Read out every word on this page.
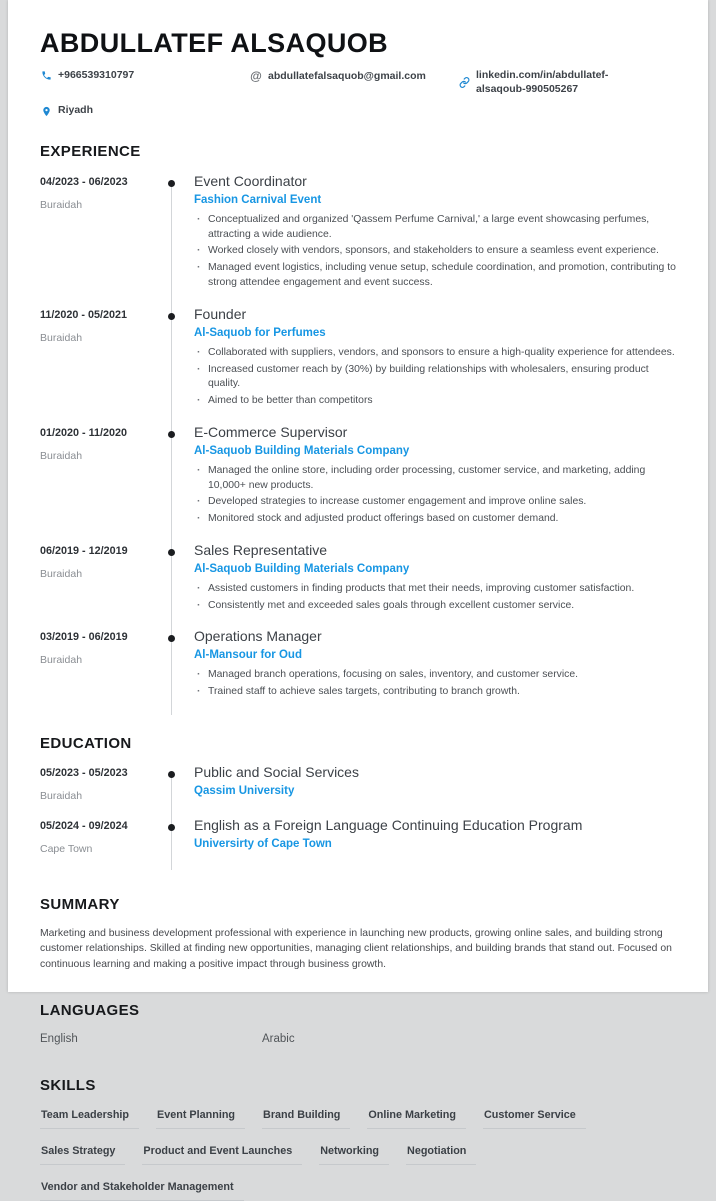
ABDULLATEF ALSAQUOB
+966539310797	@ abdullatefalsaquob@gmail.com	linkedin.com/in/abdullatef-alsaqoub-990505267
Riyadh
EXPERIENCE
04/2023 - 06/2023
Buraidah
Event Coordinator
Fashion Carnival Event
· Conceptualized and organized 'Qassem Perfume Carnival,' a large event showcasing perfumes, attracting a wide audience.
· Worked closely with vendors, sponsors, and stakeholders to ensure a seamless event experience.
· Managed event logistics, including venue setup, schedule coordination, and promotion, contributing to strong attendee engagement and event success.
11/2020 - 05/2021
Buraidah
Founder
Al-Saquob for Perfumes
· Collaborated with suppliers, vendors, and sponsors to ensure a high-quality experience for attendees.
· Increased customer reach by (30%) by building relationships with wholesalers, ensuring product quality.
· Aimed to be better than competitors
01/2020 - 11/2020
Buraidah
E-Commerce Supervisor
Al-Saquob Building Materials Company
· Managed the online store, including order processing, customer service, and marketing, adding 10,000+ new products.
· Developed strategies to increase customer engagement and improve online sales.
· Monitored stock and adjusted product offerings based on customer demand.
06/2019 - 12/2019
Buraidah
Sales Representative
Al-Saquob Building Materials Company
· Assisted customers in finding products that met their needs, improving customer satisfaction.
· Consistently met and exceeded sales goals through excellent customer service.
03/2019 - 06/2019
Buraidah
Operations Manager
Al-Mansour for Oud
· Managed branch operations, focusing on sales, inventory, and customer service.
· Trained staff to achieve sales targets, contributing to branch growth.
EDUCATION
05/2023 - 05/2023
Buraidah
Public and Social Services
Qassim University
05/2024 - 09/2024
Cape Town
English as a Foreign Language Continuing Education Program
Universirty of Cape Town
SUMMARY

Marketing and business development professional with experience in launching new products, growing online sales, and building strong customer relationships. Skilled at finding new opportunities, managing client relationships, and building brands that stand out. Focused on continuous learning and making a positive impact through business growth.

LANGUAGES
English	Arabic
SKILLS
Team Leadership	Event Planning	Brand Building	Online Marketing	Customer Service
Sales Strategy	Product and Event Launches	Networking	Negotiation
Vendor and Stakeholder Management
